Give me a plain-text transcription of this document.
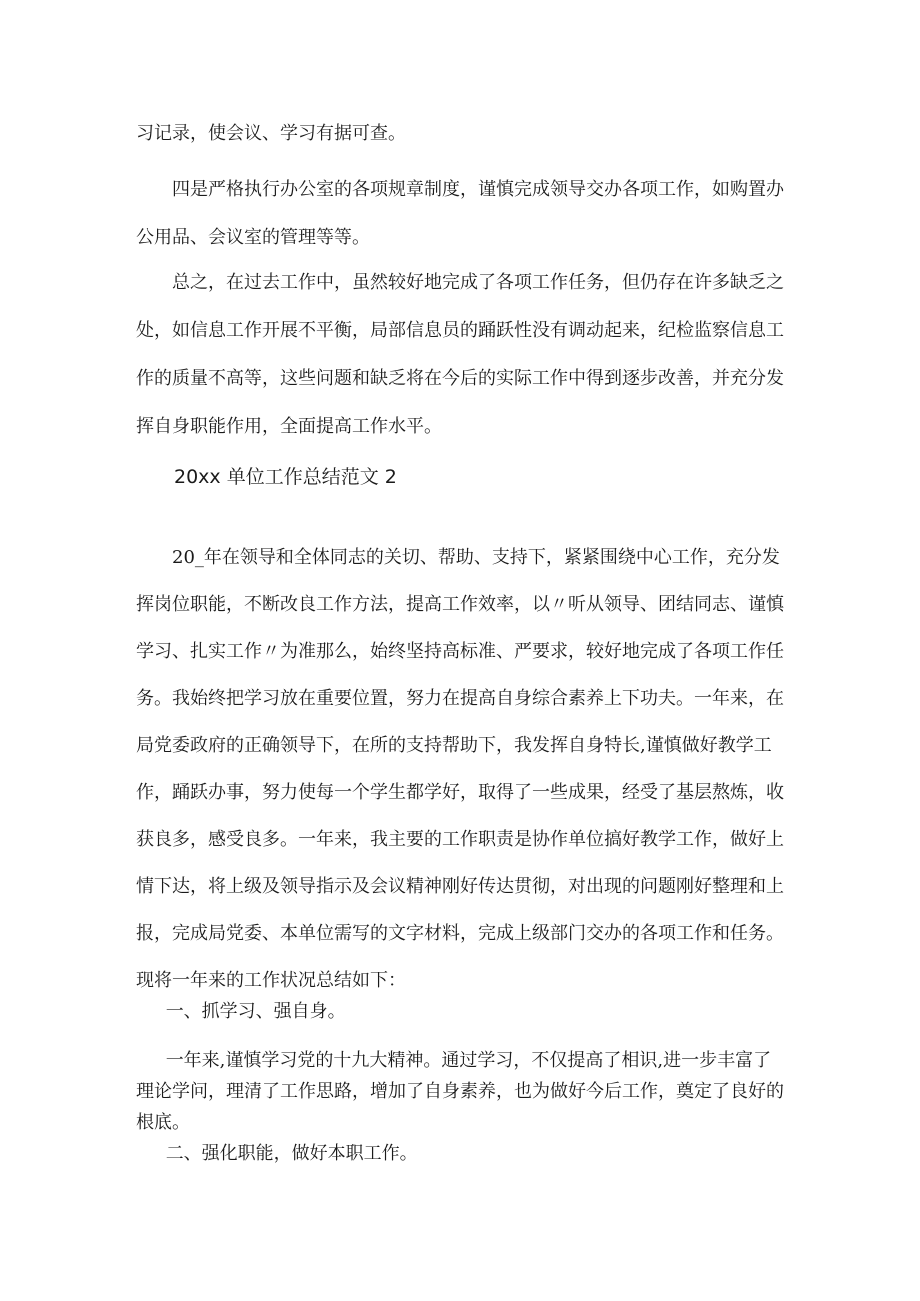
习记录，使会议、学习有据可查。

四是严格执行办公室的各项规章制度，谨慎完成领导交办各项工作，如购置办公用品、会议室的管理等等。

总之，在过去工作中，虽然较好地完成了各项工作任务，但仍存在许多缺乏之处，如信息工作开展不平衡，局部信息员的踊跃性没有调动起来，纪检监察信息工作的质量不高等，这些问题和缺乏将在今后的实际工作中得到逐步改善，并充分发挥自身职能作用，全面提高工作水平。

20xx 单位工作总结范文 2

20_年在领导和全体同志的关切、帮助、支持下，紧紧围绕中心工作，充分发挥岗位职能，不断改良工作方法，提高工作效率，以〃听从领导、团结同志、谨慎学习、扎实工作〃为准那么，始终坚持高标准、严要求，较好地完成了各项工作任务。我始终把学习放在重要位置，努力在提高自身综合素养上下功夫。一年来，在局党委政府的正确领导下，在所的支持帮助下，我发挥自身特长,谨慎做好教学工作，踊跃办事，努力使每一个学生都学好，取得了一些成果，经受了基层熬炼，收获良多，感受良多。一年来，我主要的工作职责是协作单位搞好教学工作，做好上情下达，将上级及领导指示及会议精神刚好传达贯彻，对出现的问题刚好整理和上报，完成局党委、本单位需写的文字材料，完成上级部门交办的各项工作和任务。现将一年来的工作状况总结如下：

一、抓学习、强自身。

一年来,谨慎学习党的十九大精神。通过学习，不仅提高了相识,进一步丰富了理论学问，理清了工作思路，增加了自身素养，也为做好今后工作，奠定了良好的根底。

二、强化职能，做好本职工作。
